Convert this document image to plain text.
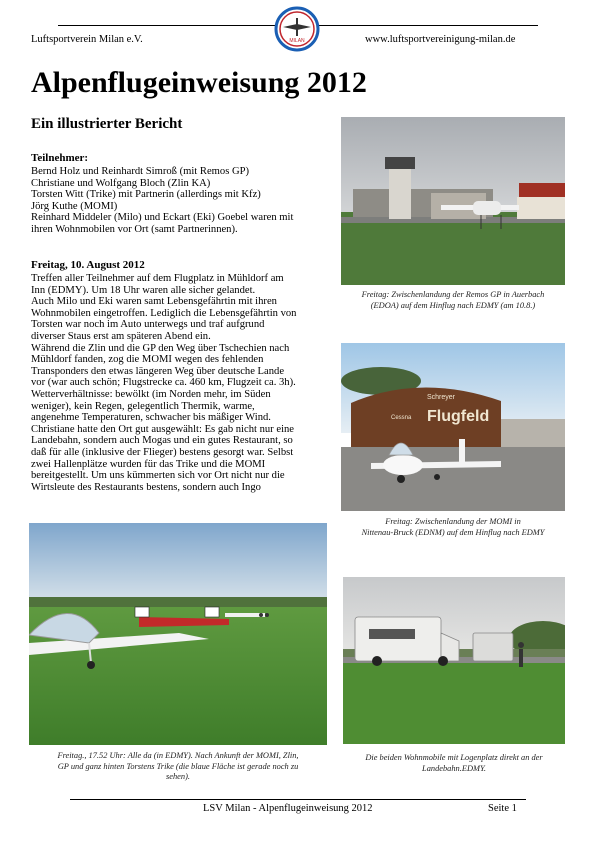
Luftsportverein Milan e.V.	www.luftsportvereinigung-milan.de
MILAN
Alpenflugeinweisung 2012
Ein illustrierter Bericht
Teilnehmer:
Bernd Holz und Reinhardt Simroß (mit Remos GP)
Christiane und Wolfgang Bloch (Zlin KA)
Torsten Witt (Trike) mit Partnerin (allerdings mit Kfz)
Jörg Kuthe (MOMI)
Reinhard Middeler (Milo) und Eckart (Eki) Goebel waren mit
ihren Wohnmobilen vor Ort (samt Partnerinnen).
Freitag, 10. August 2012
Treffen aller Teilnehmer auf dem Flugplatz in Mühldorf am
Inn (EDMY). Um 18 Uhr waren alle sicher gelandet.
Auch Milo und Eki waren samt Lebensgefährtin mit ihren
Wohnmobilen eingetroffen. Lediglich die Lebensgefährtin von
Torsten war noch im Auto unterwegs und traf aufgrund
diverser Staus erst am späteren Abend ein.
Während die Zlin und die GP den Weg über Tschechien nach
Mühldorf fanden, zog die MOMI wegen des fehlenden
Transponders den etwas längeren Weg über deutsche Lande
vor (war auch schön; Flugstrecke ca. 460 km, Flugzeit ca. 3h).
Wetterverhältnisse: bewölkt (im Norden mehr, im Süden
weniger), kein Regen, gelegentlich Thermik, warme,
angenehme Temperaturen, schwacher bis mäßiger Wind.
Christiane hatte den Ort gut ausgewählt: Es gab nicht nur eine
Landebahn, sondern auch Mogas und ein gutes Restaurant, so
daß für alle (inklusive der Flieger) bestens gesorgt war. Selbst
zwei Hallenplätze wurden für das Trike und die MOMI
bereitgestellt. Um uns kümmerten sich vor Ort nicht nur die
Wirtsleute des Restaurants bestens, sondern auch Ingo
Freitag: Zwischenlandung der Remos GP in Auerbach
(EDOA) auf dem Hinflug nach EDMY (am 10.8.)
Flugfeld
Schreyer
Cessna
Freitag: Zwischenlandung der MOMI in
Nittenau-Bruck (EDNM) auf dem Hinflug nach EDMY
Freitag., 17.52 Uhr: Alle da (in EDMY). Nach Ankunft der MOMI, Zlin,
GP und ganz hinten Torstens Trike (die blaue Fläche ist gerade noch zu
sehen).
Die beiden Wohnmobile mit Logenplatz direkt an der
Landebahn.EDMY.
LSV Milan - Alpenflugeinweisung 2012	Seite 1
